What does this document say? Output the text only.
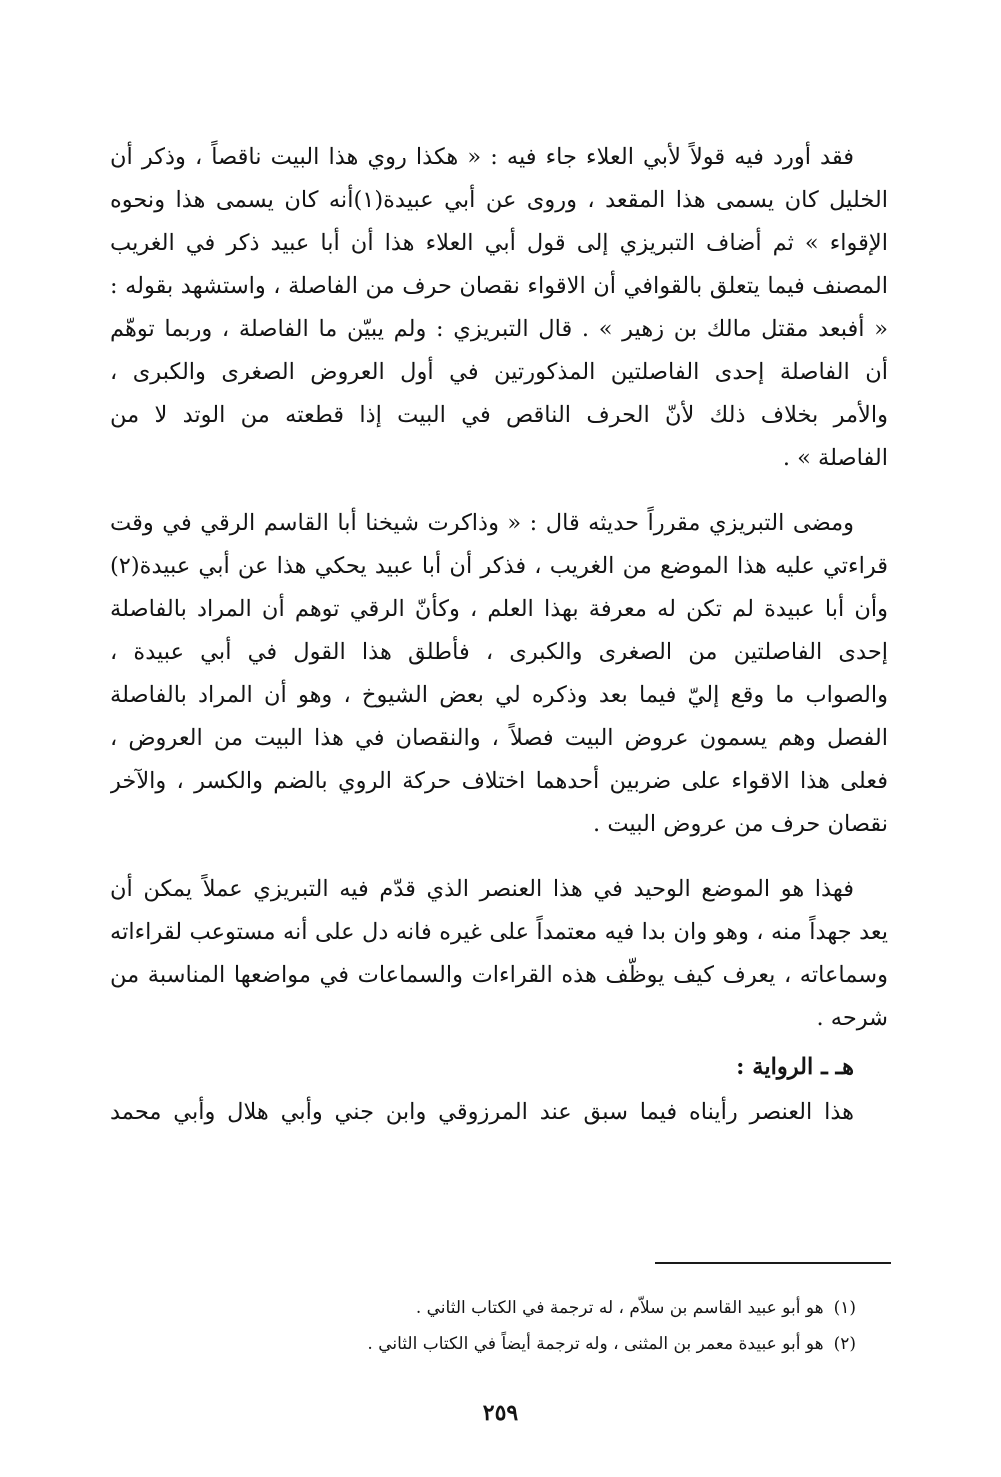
فقد أورد فيه قولاً لأبي العلاء جاء فيه : « هكذا روي هذا البيت ناقصاً ، وذكر أن
الخليل كان يسمى هذا المقعد ، وروى عن أبي عبيدة(١)أنه كان يسمى هذا ونحوه
الإقواء » ثم أضاف التبريزي إلى قول أبي العلاء هذا أن أبا عبيد ذكر في الغريب
المصنف فيما يتعلق بالقوافي أن الاقواء نقصان حرف من الفاصلة ، واستشهد بقوله :
« أفبعد مقتل مالك بن زهير » . قال التبريزي : ولم يبيّن ما الفاصلة ، وربما توهّم
أن الفاصلة إحدى الفاصلتين المذكورتين في أول العروض الصغرى والكبرى ،
والأمر بخلاف ذلك لأنّ الحرف الناقص في البيت إذا قطعته من الوتد لا من
الفاصلة » .

ومضى التبريزي مقرراً حديثه قال : « وذاكرت شيخنا أبا القاسم الرقي في وقت
قراءتي عليه هذا الموضع من الغريب ، فذكر أن أبا عبيد يحكي هذا عن أبي عبيدة(٢)
وأن أبا عبيدة لم تكن له معرفة بهذا العلم ، وكأنّ الرقي توهم أن المراد بالفاصلة
إحدى الفاصلتين من الصغرى والكبرى ، فأطلق هذا القول في أبي عبيدة ،
والصواب ما وقع إليّ فيما بعد وذكره لي بعض الشيوخ ، وهو أن المراد بالفاصلة
الفصل وهم يسمون عروض البيت فصلاً ، والنقصان في هذا البيت من العروض ،
فعلى هذا الاقواء على ضربين أحدهما اختلاف حركة الروي بالضم والكسر ، والآخر
نقصان حرف من عروض البيت .

فهذا هو الموضع الوحيد في هذا العنصر الذي قدّم فيه التبريزي عملاً يمكن أن
يعد جهداً منه ، وهو وان بدا فيه معتمداً على غيره فانه دل على أنه مستوعب لقراءاته
وسماعاته ، يعرف كيف يوظّف هذه القراءات والسماعات في مواضعها المناسبة من
شرحه .

هـ ـ الرواية :

هذا العنصر رأيناه فيما سبق عند المرزوقي وابن جني وأبي هلال وأبي محمد

(١)هو أبو عبيد القاسم بن سلاّم ، له ترجمة في الكتاب الثاني .
(٢)هو أبو عبيدة معمر بن المثنى ، وله ترجمة أيضاً في الكتاب الثاني .
٢٥٩
